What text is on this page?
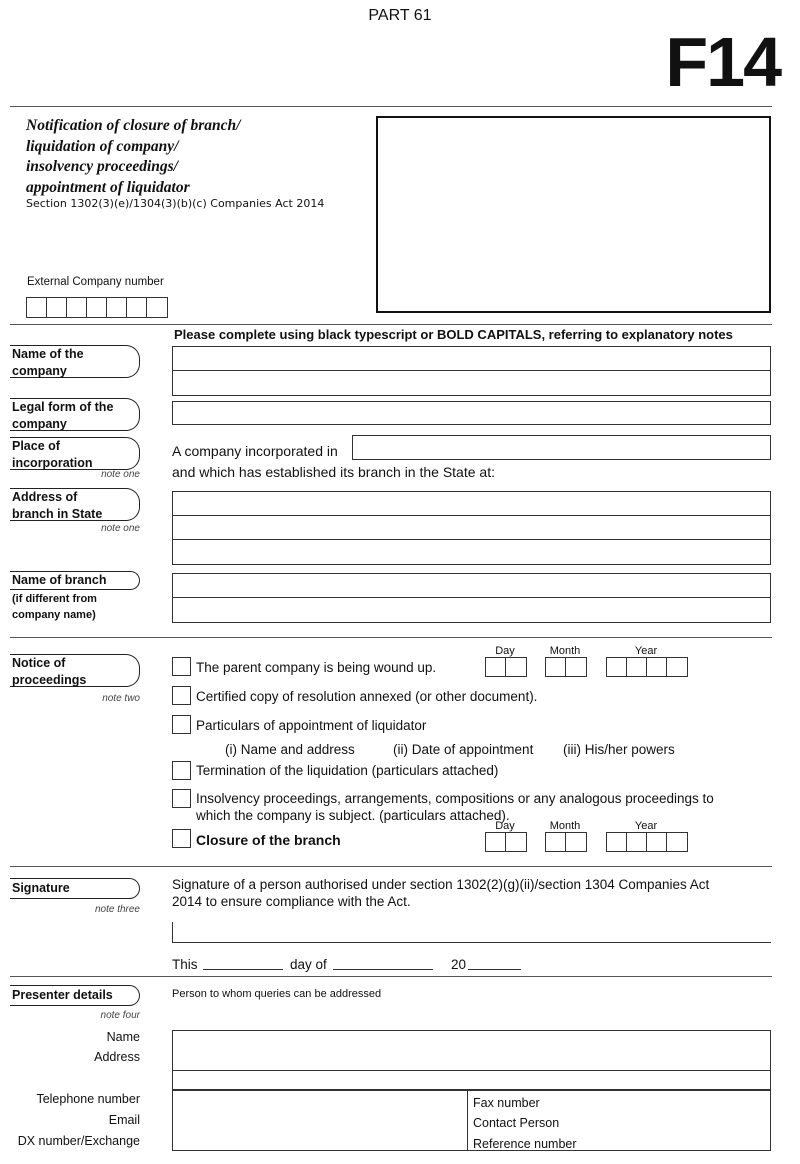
PART 61
F14
Notification of closure of branch/
liquidation of company/
insolvency proceedings/
appointment of liquidator
Section 1302(3)(e)/1304(3)(b)(c) Companies Act 2014
External Company number
Please complete using black typescript or BOLD CAPITALS, referring to explanatory notes
Name of the
company
Legal form of the
company
Place of
incorporation
note one
A company incorporated in
and which has established its branch in the State at:
Address of
branch in State
note one
Name of branch
(if different from
company name)
Notice of
proceedings
note two
Day	Month	Year
The parent company is being wound up.
Certified copy of resolution annexed (or other document).
Particulars of appointment of liquidator
(i) Name and address	(ii) Date of appointment (iii) His/her powers
Termination of the liquidation (particulars attached)
Insolvency proceedings, arrangements, compositions or any analogous proceedings to
which the company is subject. (particulars attached).
Day	Month	Year
Closure of the branch
Signature
note three
Signature of a person authorised under section 1302(2)(g)(ii)/section 1304 Companies Act
2014 to ensure compliance with the Act.
This	day of	20
Presenter details
note four
Person to whom queries can be addressed
Name
Address
Telephone number
Email
DX number/Exchange
Fax number
Contact Person
Reference number
